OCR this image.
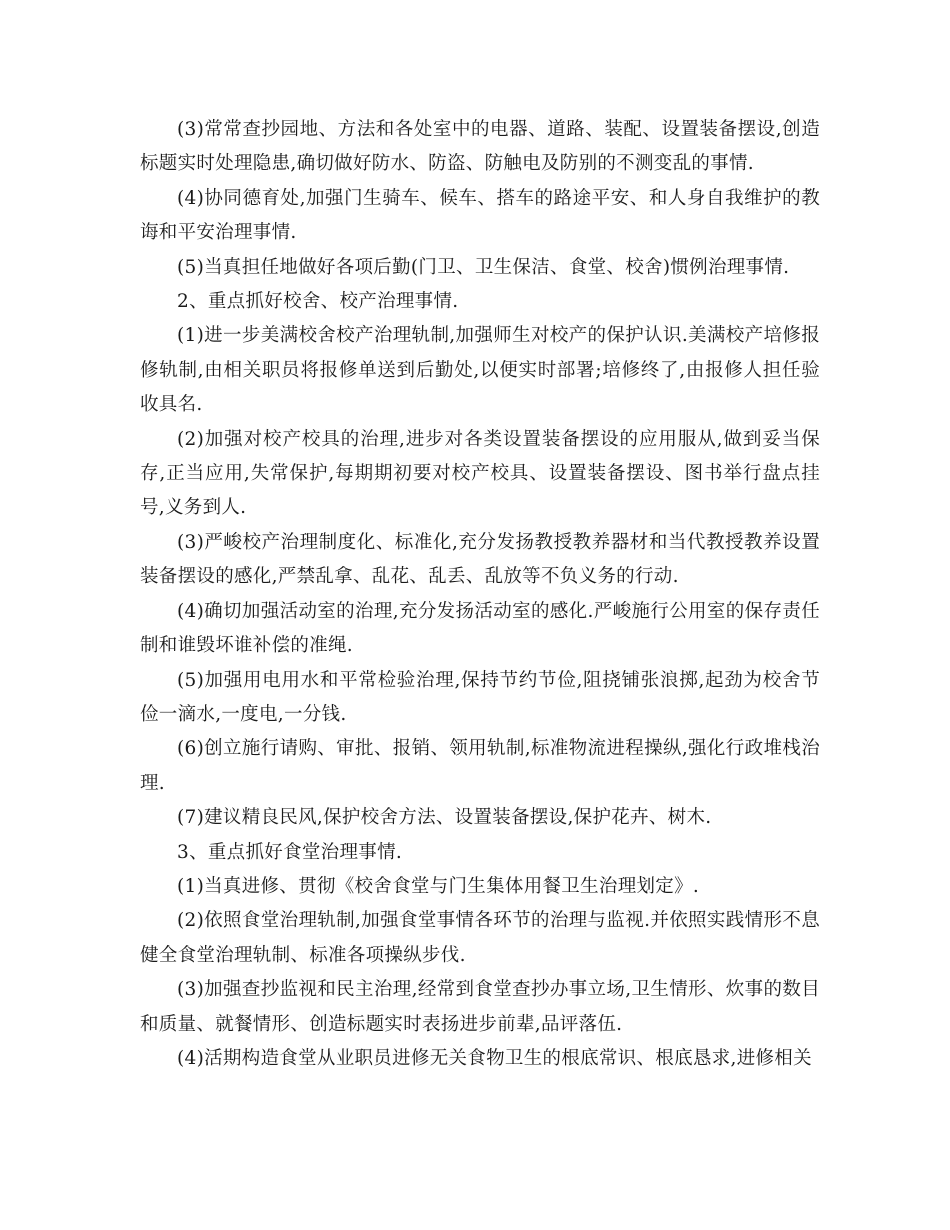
(3)常常查抄园地、方法和各处室中的电器、道路、装配、设置装备摆设,创造标题实时处理隐患,确切做好防水、防盗、防触电及防别的不测变乱的事情.

(4)协同德育处,加强门生骑车、候车、搭车的路途平安、和人身自我维护的教诲和平安治理事情.

(5)当真担任地做好各项后勤(门卫、卫生保洁、食堂、校舍)惯例治理事情.

2、重点抓好校舍、校产治理事情.

(1)进一步美满校舍校产治理轨制,加强师生对校产的保护认识.美满校产培修报修轨制,由相关职员将报修单送到后勤处,以便实时部署;培修终了,由报修人担任验收具名.

(2)加强对校产校具的治理,进步对各类设置装备摆设的应用服从,做到妥当保存,正当应用,失常保护,每期期初要对校产校具、设置装备摆设、图书举行盘点挂号,义务到人.

(3)严峻校产治理制度化、标准化,充分发扬教授教养器材和当代教授教养设置装备摆设的感化,严禁乱拿、乱花、乱丢、乱放等不负义务的行动.

(4)确切加强活动室的治理,充分发扬活动室的感化.严峻施行公用室的保存责任制和谁毁坏谁补偿的准绳.

(5)加强用电用水和平常检验治理,保持节约节俭,阻挠铺张浪掷,起劲为校舍节俭一滴水,一度电,一分钱.

(6)创立施行请购、审批、报销、领用轨制,标准物流进程操纵,强化行政堆栈治理.

(7)建议精良民风,保护校舍方法、设置装备摆设,保护花卉、树木.

3、重点抓好食堂治理事情.

(1)当真进修、贯彻《校舍食堂与门生集体用餐卫生治理划定》.

(2)依照食堂治理轨制,加强食堂事情各环节的治理与监视.并依照实践情形不息健全食堂治理轨制、标准各项操纵步伐.

(3)加强查抄监视和民主治理,经常到食堂查抄办事立场,卫生情形、炊事的数目和质量、就餐情形、创造标题实时表扬进步前辈,品评落伍.

(4)活期构造食堂从业职员进修无关食物卫生的根底常识、根底恳求,进修相关
